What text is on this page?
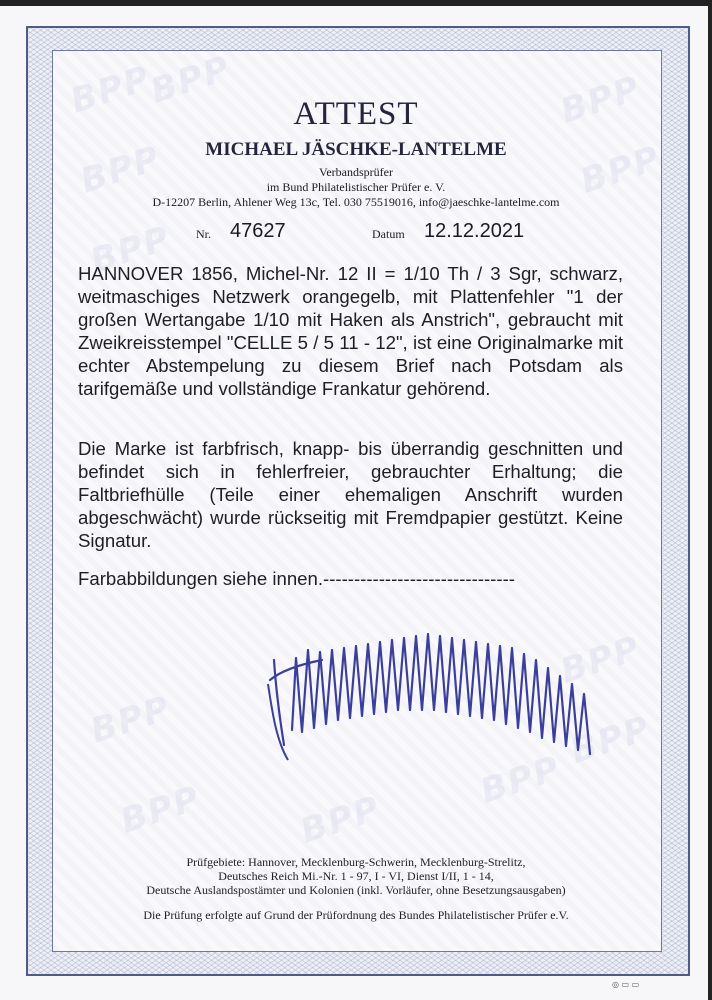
ATTEST
MICHAEL JÄSCHKE-LANTELME
Verbandsprüfer
im Bund Philatelistischer Prüfer e. V.
D-12207 Berlin, Ahlener Weg 13c, Tel. 030 75519016, info@jaeschke-lantelme.com
Nr. 47627	Datum 12.12.2021
HANNOVER 1856, Michel-Nr. 12 II = 1/10 Th / 3 Sgr, schwarz, weitmaschiges Netzwerk orangegelb, mit Plattenfehler "1 der großen Wertangabe 1/10 mit Haken als Anstrich", gebraucht mit Zweikreisstempel "CELLE 5 / 5 11 - 12", ist eine Originalmarke mit echter Abstempelung zu diesem Brief nach Potsdam als tarifgemäße und vollständige Frankatur gehörend.
Die Marke ist farbfrisch, knapp- bis überrandig geschnitten und befindet sich in fehlerfreier, gebrauchter Erhaltung; die Faltbriefhülle (Teile einer ehemaligen Anschrift wurden abgeschwächt) wurde rückseitig mit Fremdpapier gestützt. Keine Signatur.
Farbabbildungen siehe innen.-------------------------------
Prüfgebiete: Hannover, Mecklenburg-Schwerin, Mecklenburg-Strelitz,
Deutsches Reich Mi.-Nr. 1 - 97, I - VI, Dienst I/II, 1 - 14,
Deutsche Auslandspostämter und Kolonien (inkl. Vorläufer, ohne Besetzungsausgaben)
Die Prüfung erfolgte auf Grund der Prüfordnung des Bundes Philatelistischer Prüfer e.V.
◎ ▭ ▭
